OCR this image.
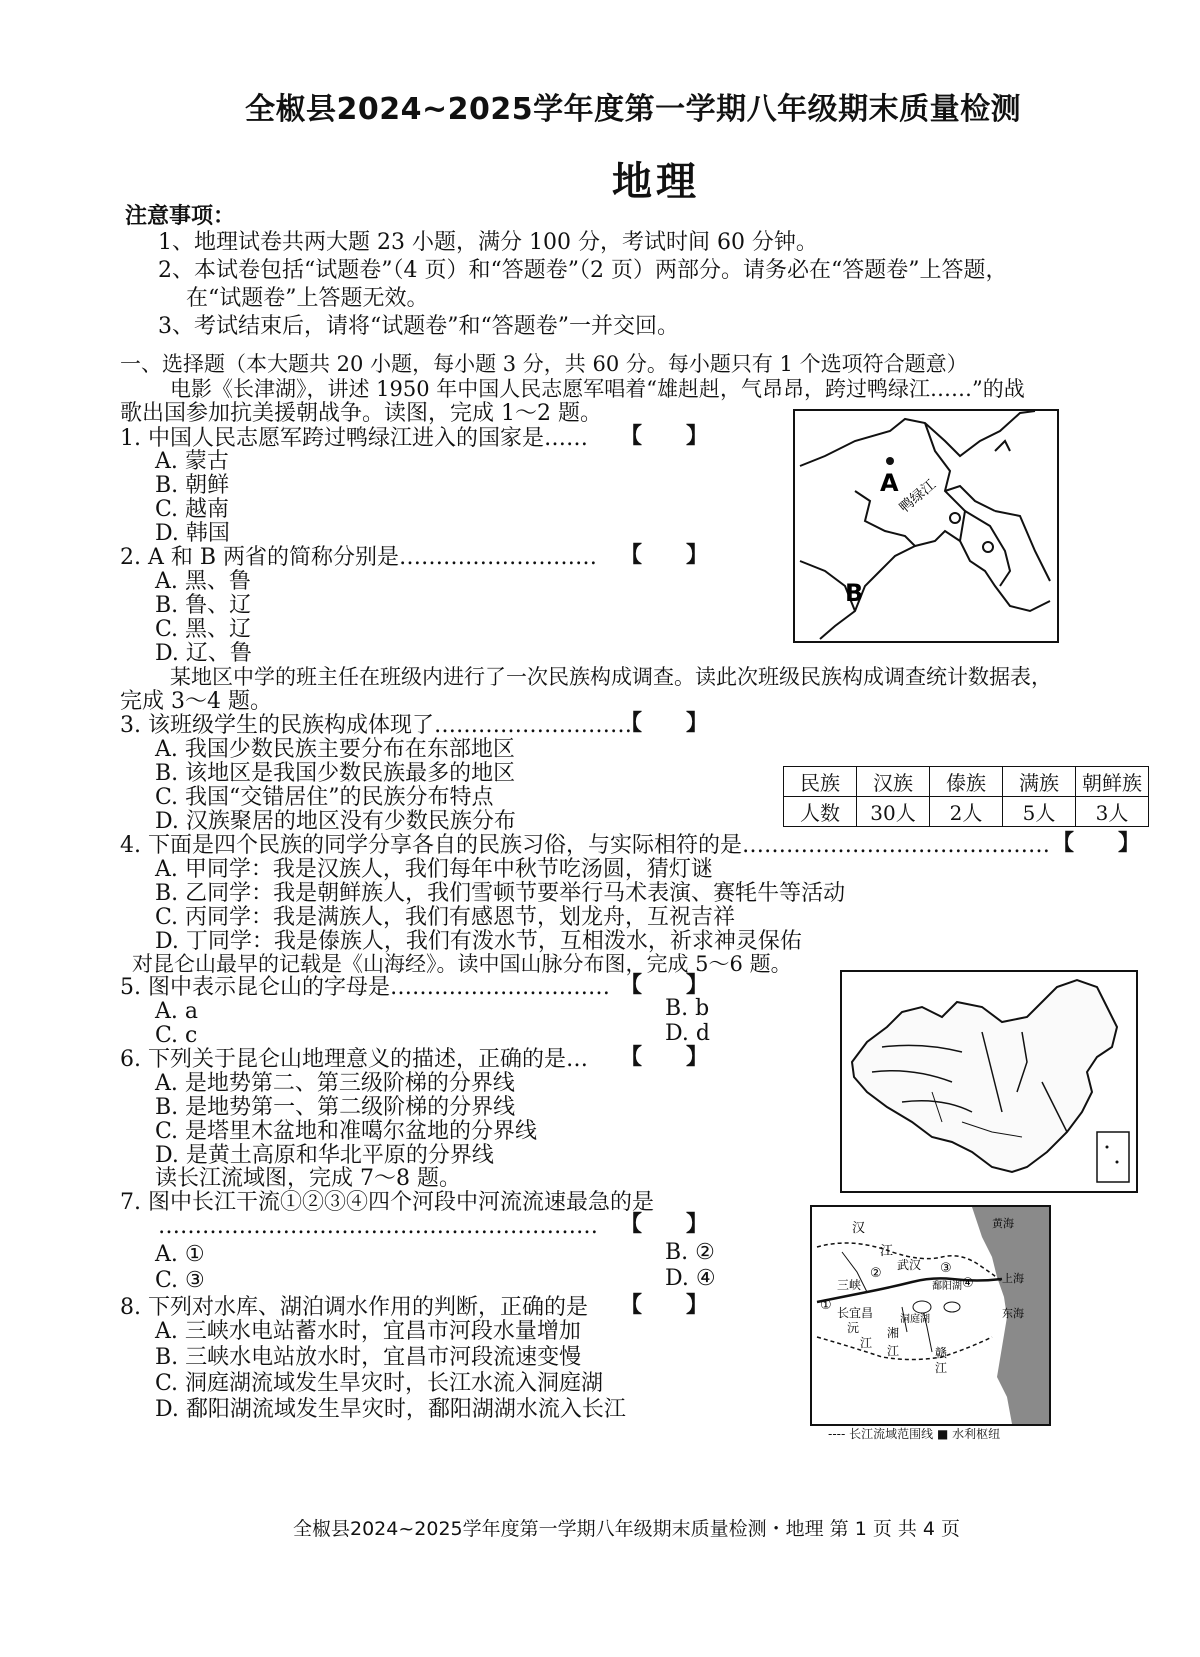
全椒县2024~2025学年度第一学期八年级期末质量检测
地理
注意事项：
1、地理试卷共两大题 23 小题，满分 100 分，考试时间 60 分钟。
2、本试卷包括“试题卷”（4 页）和“答题卷”（2 页）两部分。请务必在“答题卷”上答题，
在“试题卷”上答题无效。
3、考试结束后，请将“试题卷”和“答题卷”一并交回。
一、选择题（本大题共 20 小题，每小题 3 分，共 60 分。每小题只有 1 个选项符合题意）
电影《长津湖》，讲述 1950 年中国人民志愿军唱着“雄赳赳，气昂昂，跨过鸭绿江……”的战
歌出国参加抗美援朝战争。读图，完成 1～2 题。
1. 中国人民志愿军跨过鸭绿江进入的国家是…… 【　　】
A. 蒙古
B. 朝鲜
C. 越南
D. 韩国
2. A 和 B 两省的简称分别是……………………… 【　　】
A. 黑、鲁
B. 鲁、辽
C. 黑、辽
D. 辽、鲁
A
B
鸭绿江
某地区中学的班主任在班级内进行了一次民族构成调查。读此次班级民族构成调查统计数据表，
完成 3～4 题。
3. 该班级学生的民族构成体现了………………………
【　　】
A. 我国少数民族主要分布在东部地区
B. 该地区是我国少数民族最多的地区
C. 我国“交错居住”的民族分布特点
D. 汉族聚居的地区没有少数民族分布
民族	汉族	傣族	满族	朝鲜族
人数	30人	2人	5人	3人
4. 下面是四个民族的同学分享各自的民族习俗，与实际相符的是…………………………………… 【　　】
A. 甲同学：我是汉族人，我们每年中秋节吃汤圆，猜灯谜
B. 乙同学：我是朝鲜族人，我们雪顿节要举行马术表演、赛牦牛等活动
C. 丙同学：我是满族人，我们有感恩节，划龙舟，互祝吉祥
D. 丁同学：我是傣族人，我们有泼水节，互相泼水，祈求神灵保佑
对昆仑山最早的记载是《山海经》。读中国山脉分布图，完成 5～6 题。
5. 图中表示昆仑山的字母是………………………… 【　　】
A. a	B. b
C. c	D. d
6. 下列关于昆仑山地理意义的描述，正确的是… 【　　】
A. 是地势第二、第三级阶梯的分界线
B. 是地势第一、第二级阶梯的分界线
C. 是塔里木盆地和准噶尔盆地的分界线
D. 是黄土高原和华北平原的分界线
读长江流域图，完成 7～8 题。
7. 图中长江干流①②③④四个河段中河流流速最急的是
…………………………………………………… 【　　】
A. ①	B. ②
C. ③	D. ④
8. 下列对水库、湖泊调水作用的判断，正确的是 【　　】
A. 三峡水电站蓄水时，宜昌市河段水量增加
B. 三峡水电站放水时，宜昌市河段流速变慢
C. 洞庭湖流域发生旱灾时，长江水流入洞庭湖
D. 鄱阳湖流域发生旱灾时，鄱阳湖湖水流入长江
汉
江
三峡
长宜昌
武汉
鄱阳湖
洞庭湖
黄海
上海
东海
沅
江
湘
江	赣
江
①
②	③
④
---- 长江流域范围线 ■ 水利枢纽
全椒县2024~2025学年度第一学期八年级期末质量检测・地理 第 1 页 共 4 页
